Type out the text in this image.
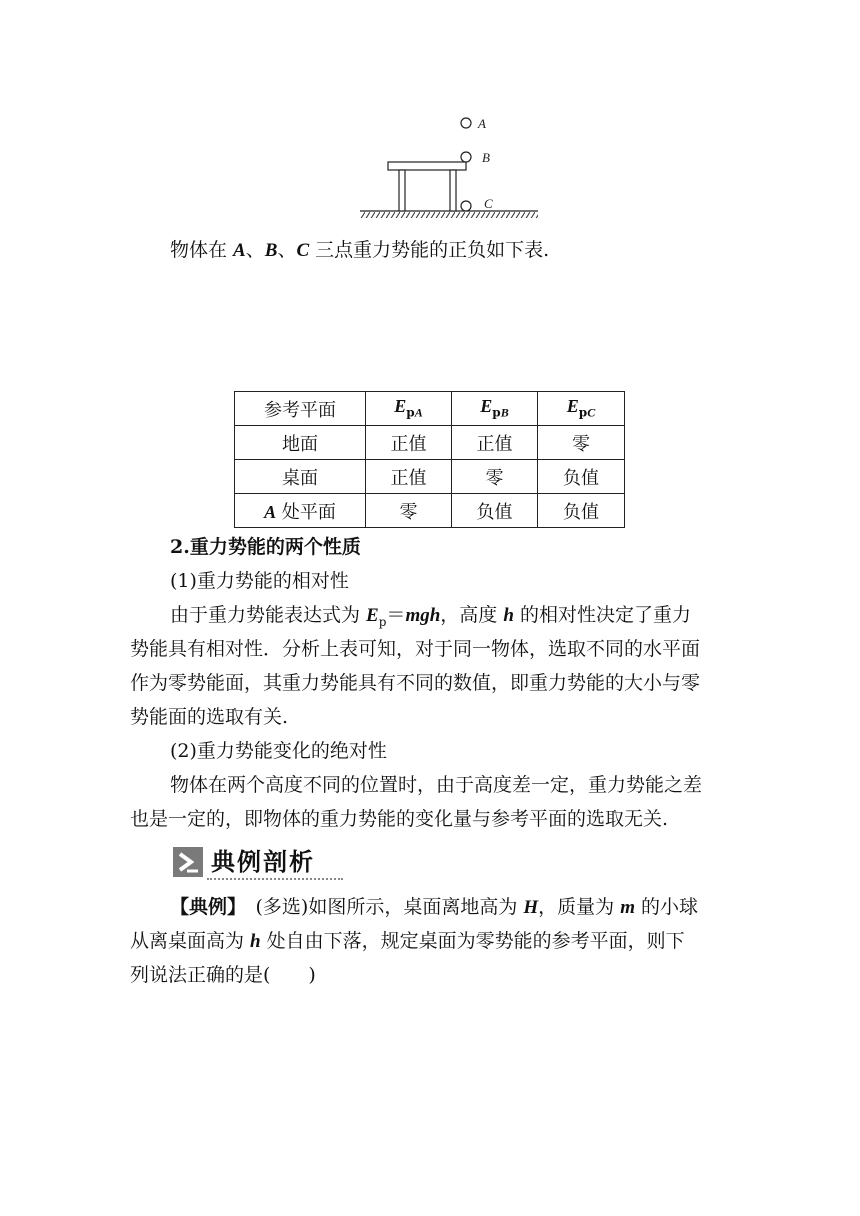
A
B
C
物体在 A、B、C 三点重力势能的正负如下表.
参考平面	$E_{pA}$	$E_{pB}$	$E_{pC}$
地面	正值	正值	零
桌面	正值	零	负值
A 处平面	零	负值	负值
2.重力势能的两个性质
(1)重力势能的相对性
由于重力势能表达式为 $E_p=mgh$，高度 h 的相对性决定了重力
势能具有相对性．分析上表可知，对于同一物体，选取不同的水平面
作为零势能面，其重力势能具有不同的数值，即重力势能的大小与零
势能面的选取有关.
(2)重力势能变化的绝对性
物体在两个高度不同的位置时，由于高度差一定，重力势能之差
也是一定的，即物体的重力势能的变化量与参考平面的选取无关.
典例剖析
【典例】　(多选)如图所示，桌面离地高为 H，质量为 m 的小球
从离桌面高为 h 处自由下落，规定桌面为零势能的参考平面，则下
列说法正确的是(　　)
